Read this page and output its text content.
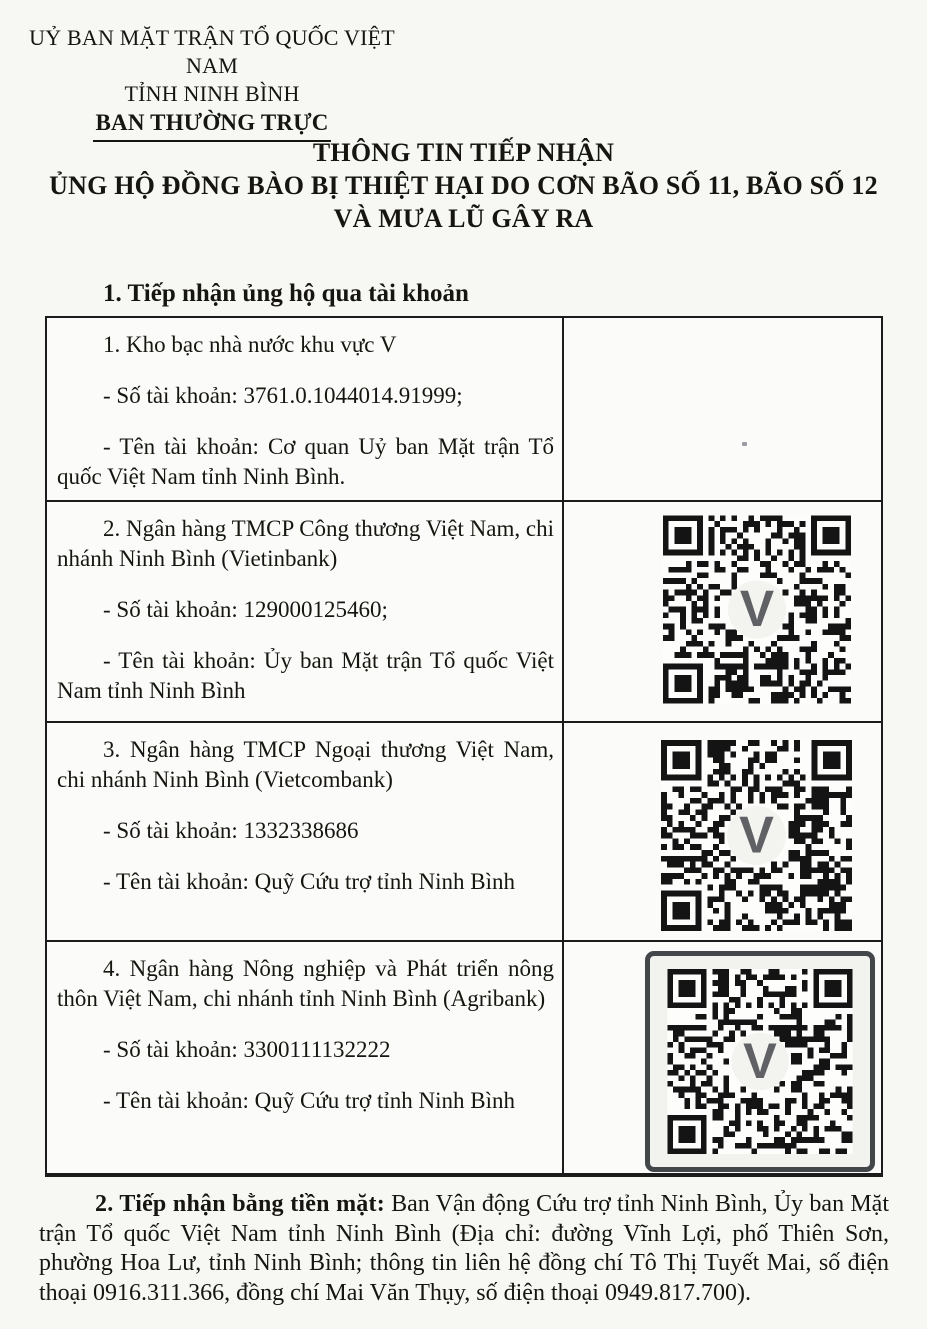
UỶ BAN MẶT TRẬN TỔ QUỐC VIỆT NAM
TỈNH NINH BÌNH
BAN THƯỜNG TRỰC
THÔNG TIN TIẾP NHẬN
ỦNG HỘ ĐỒNG BÀO BỊ THIỆT HẠI DO CƠN BÃO SỐ 11, BÃO SỐ 12
VÀ MƯA LŨ GÂY RA
1. Tiếp nhận ủng hộ qua tài khoản

1. Kho bạc nhà nước khu vực V

- Số tài khoản: 3761.0.1044014.91999;

- Tên tài khoản: Cơ quan Uỷ ban Mặt trận Tổ quốc Việt Nam tỉnh Ninh Bình.	

2. Ngân hàng TMCP Công thương Việt Nam, chi nhánh Ninh Bình (Vietinbank)

- Số tài khoản: 129000125460;

- Tên tài khoản: Ủy ban Mặt trận Tổ quốc Việt Nam tỉnh Ninh Bình	V

3. Ngân hàng TMCP Ngoại thương Việt Nam, chi nhánh Ninh Bình (Vietcombank)

- Số tài khoản: 1332338686

- Tên tài khoản: Quỹ Cứu trợ tỉnh Ninh Bình	V

4. Ngân hàng Nông nghiệp và Phát triển nông thôn Việt Nam, chi nhánh tỉnh Ninh Bình (Agribank)

- Số tài khoản: 3300111132222

- Tên tài khoản: Quỹ Cứu trợ tỉnh Ninh Bình	V

2. Tiếp nhận bằng tiền mặt: Ban Vận động Cứu trợ tỉnh Ninh Bình, Ủy ban Mặt trận Tổ quốc Việt Nam tỉnh Ninh Bình (Địa chỉ: đường Vĩnh Lợi, phố Thiên Sơn, phường Hoa Lư, tỉnh Ninh Bình; thông tin liên hệ đồng chí Tô Thị Tuyết Mai, số điện thoại 0916.311.366, đồng chí Mai Văn Thụy, số điện thoại 0949.817.700).
